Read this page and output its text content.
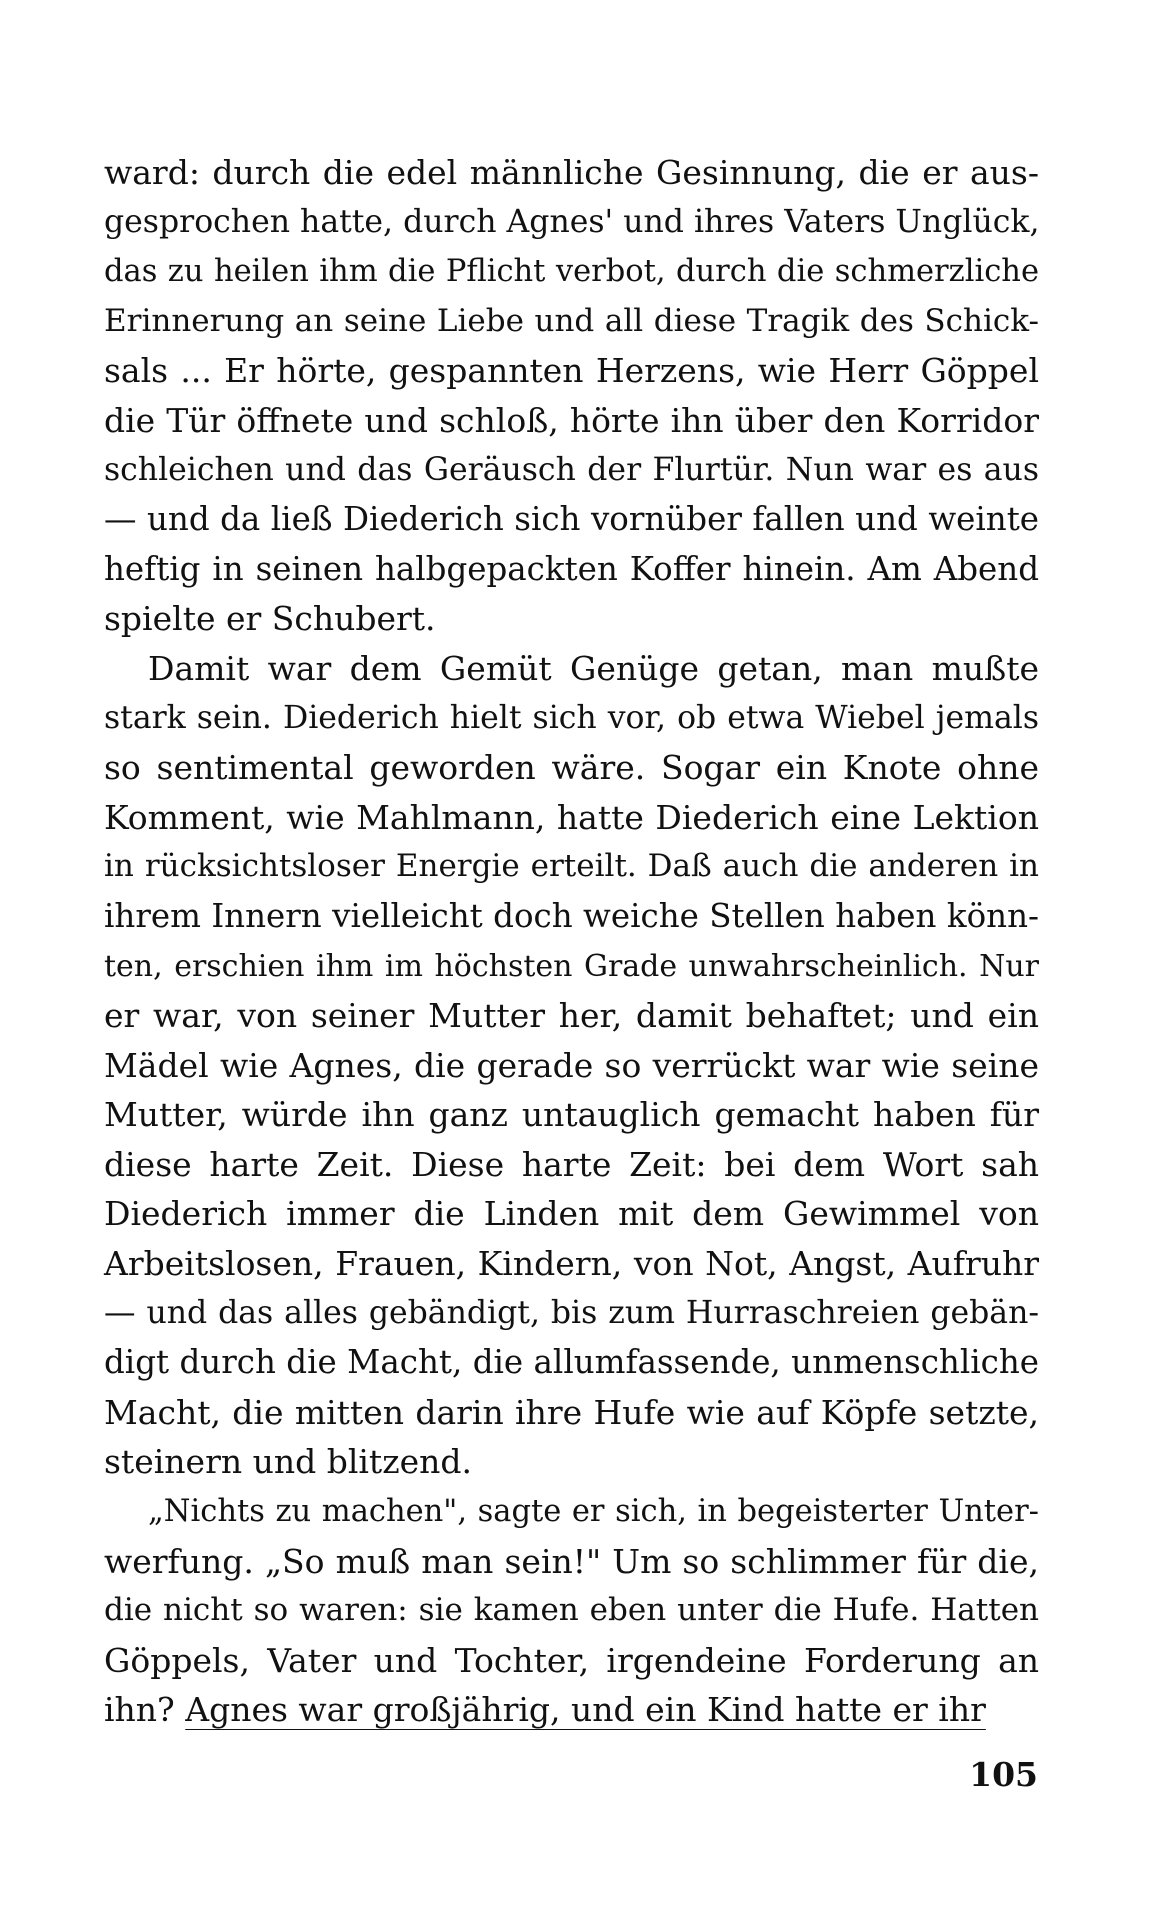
ward: durch die edel männliche Gesinnung, die er aus-
gesprochen hatte, durch Agnes' und ihres Vaters Unglück,
das zu heilen ihm die Pflicht verbot, durch die schmerzliche
Erinnerung an seine Liebe und all diese Tragik des Schick-
sals ... Er hörte, gespannten Herzens, wie Herr Göppel
die Tür öffnete und schloß, hörte ihn über den Korridor
schleichen und das Geräusch der Flurtür. Nun war es aus
— und da ließ Diederich sich vornüber fallen und weinte
heftig in seinen halbgepackten Koffer hinein. Am Abend
spielte er Schubert.
Damit war dem Gemüt Genüge getan, man mußte
stark sein. Diederich hielt sich vor, ob etwa Wiebel jemals
so sentimental geworden wäre. Sogar ein Knote ohne
Komment, wie Mahlmann, hatte Diederich eine Lektion
in rücksichtsloser Energie erteilt. Daß auch die anderen in
ihrem Innern vielleicht doch weiche Stellen haben könn-
ten, erschien ihm im höchsten Grade unwahrscheinlich. Nur
er war, von seiner Mutter her, damit behaftet; und ein
Mädel wie Agnes, die gerade so verrückt war wie seine
Mutter, würde ihn ganz untauglich gemacht haben für
diese harte Zeit. Diese harte Zeit: bei dem Wort sah
Diederich immer die Linden mit dem Gewimmel von
Arbeitslosen, Frauen, Kindern, von Not, Angst, Aufruhr
— und das alles gebändigt, bis zum Hurraschreien gebän-
digt durch die Macht, die allumfassende, unmenschliche
Macht, die mitten darin ihre Hufe wie auf Köpfe setzte,
steinern und blitzend.
„Nichts zu machen", sagte er sich, in begeisterter Unter-
werfung. „So muß man sein!" Um so schlimmer für die,
die nicht so waren: sie kamen eben unter die Hufe. Hatten
Göppels, Vater und Tochter, irgendeine Forderung an
ihn? Agnes war großjährig, und ein Kind hatte er ihr
105
